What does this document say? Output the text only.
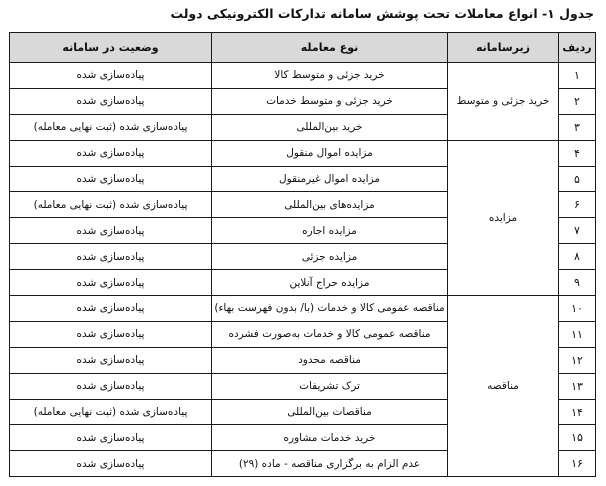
جدول ۱- انواع معاملات تحت پوشش سامانه تدارکات الکترونیکی دولت
ردیف	زیرسامانه	نوع معامله	وضعیت در سامانه
۱	خرید جزئی و متوسط	خرید جزئی و متوسط کالا	پیاده‌سازی شده
۲		خرید جزئی و متوسط خدمات	پیاده‌سازی شده
۳		خرید بین‌المللی	پیاده‌سازی شده (ثبت نهایی معامله)
۴	مزایده	مزایده اموال منقول	پیاده‌سازی شده
۵		مزایده اموال غیرمنقول	پیاده‌سازی شده
۶		مزایده‌های بین‌المللی	پیاده‌سازی شده (ثبت نهایی معامله)
۷		مزایده اجاره	پیاده‌سازی شده
۸		مزایده جزئی	پیاده‌سازی شده
۹		مزایده حراج آنلاین	پیاده‌سازی شده
۱۰	مناقصه	مناقصه عمومی کالا و خدمات (با/ بدون فهرست بهاء)	پیاده‌سازی شده
۱۱		مناقصه عمومی کالا و خدمات به‌صورت فشرده	پیاده‌سازی شده
۱۲		مناقصه محدود	پیاده‌سازی شده
۱۳		ترک تشریفات	پیاده‌سازی شده
۱۴		مناقصات بین‌المللی	پیاده‌سازی شده (ثبت نهایی معامله)
۱۵		خرید خدمات مشاوره	پیاده‌سازی شده
۱۶		عدم الزام به برگزاری مناقصه - ماده (۲۹)	پیاده‌سازی شده
